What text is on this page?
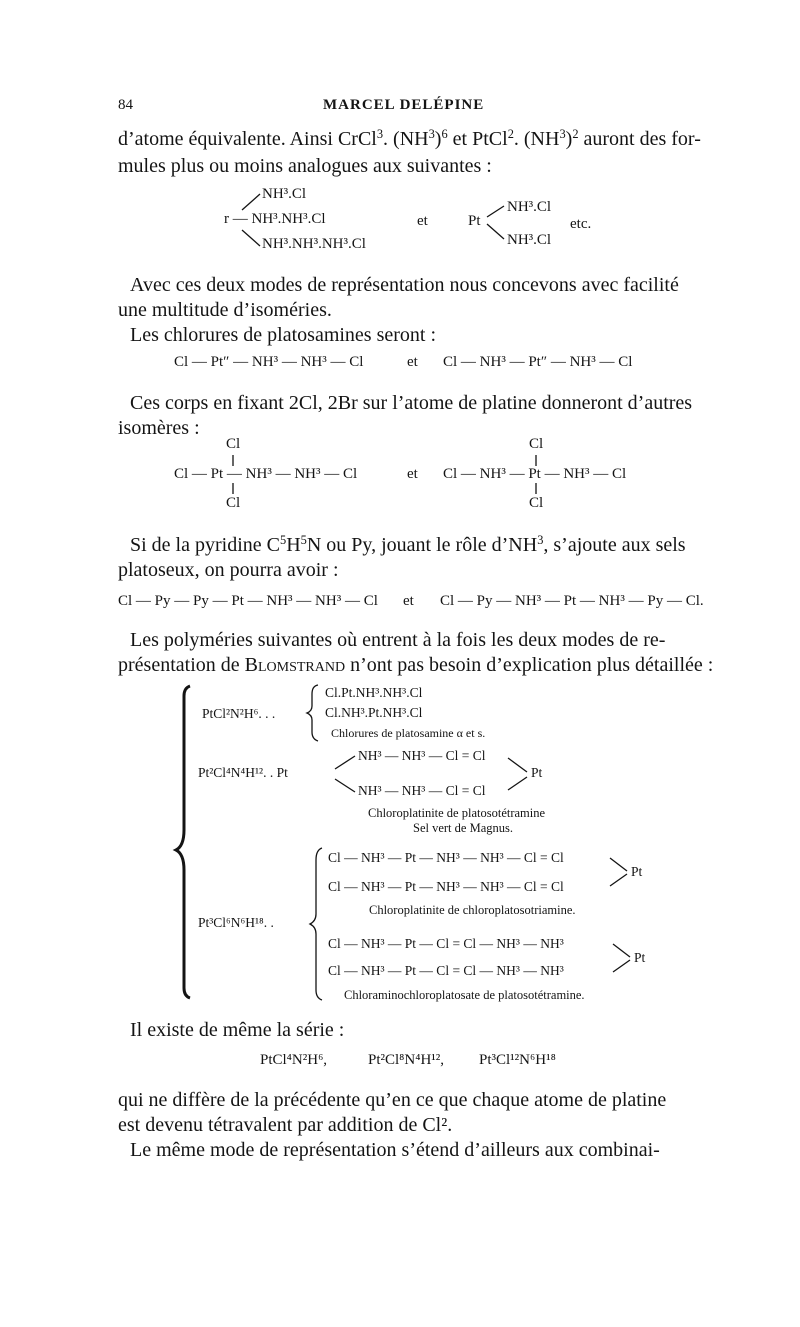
84	MARCEL DELÉPINE
d’atome équivalente. Ainsi CrCl$^3$. $(NH^3)^6$ et PtCl$^2$. $(NH^3)^2$ auront des for-
mules plus ou moins analogues aux suivantes :
NH³.Cl
r — NH³.NH³.Cl
NH³.NH³.NH³.Cl
et	Pt
NH³.Cl
NH³.Cl
etc.
Avec ces deux modes de représentation nous concevons avec facilité
une multitude d’isoméries.
Les chlorures de platosamines seront :
Cl — Pt″ — NH³ — NH³ — Cl	et Cl — NH³ — Pt″ — NH³ — Cl
Ces corps en fixant 2Cl, 2Br sur l’atome de platine donneront d’autres
isomères :
Cl
Cl — Pt — NH³ — NH³ — Cl
Cl
et
Cl
Cl — NH³ — Pt — NH³ — Cl
Cl
Si de la pyridine $C^5H^5N$ ou Py, jouant le rôle $d’NH^3$, s’ajoute aux sels
platoseux, on pourra avoir :
Cl — Py — Py — Pt — NH³ — NH³ — Cl et Cl — Py — NH³ — Pt — NH³ — Py — Cl.
Les polyméries suivantes où entrent à la fois les deux modes de re-
présentation de Blomstrand n’ont pas besoin d’explication plus détaillée :
PtCl²N²H⁶. . .
Cl.Pt.NH³.NH³.Cl
Cl.NH³.Pt.NH³.Cl
Chlorures de platosamine α et s.
Pt²Cl⁴N⁴H¹². . Pt
NH³ — NH³ — Cl = Cl
NH³ — NH³ — Cl = Cl
Pt
Chloroplatinite de platosotétramine
Sel vert de Magnus.
Pt³Cl⁶N⁶H¹⁸. .
Cl — NH³ — Pt — NH³ — NH³ — Cl = Cl
Cl — NH³ — Pt — NH³ — NH³ — Cl = Cl
Pt
Chloroplatinite de chloroplatosotriamine.
Cl — NH³ — Pt — Cl = Cl — NH³ — NH³
Cl — NH³ — Pt — Cl = Cl — NH³ — NH³
Pt
Chloraminochloroplatosate de platosotétramine.
Il existe de même la série :
PtCl⁴N²H⁶,	Pt²Cl⁸N⁴H¹², Pt³Cl¹²N⁶H¹⁸
qui ne diffère de la précédente qu’en ce que chaque atome de platine
est devenu tétravalent par addition de Cl².
Le même mode de représentation s’étend d’ailleurs aux combinai-
